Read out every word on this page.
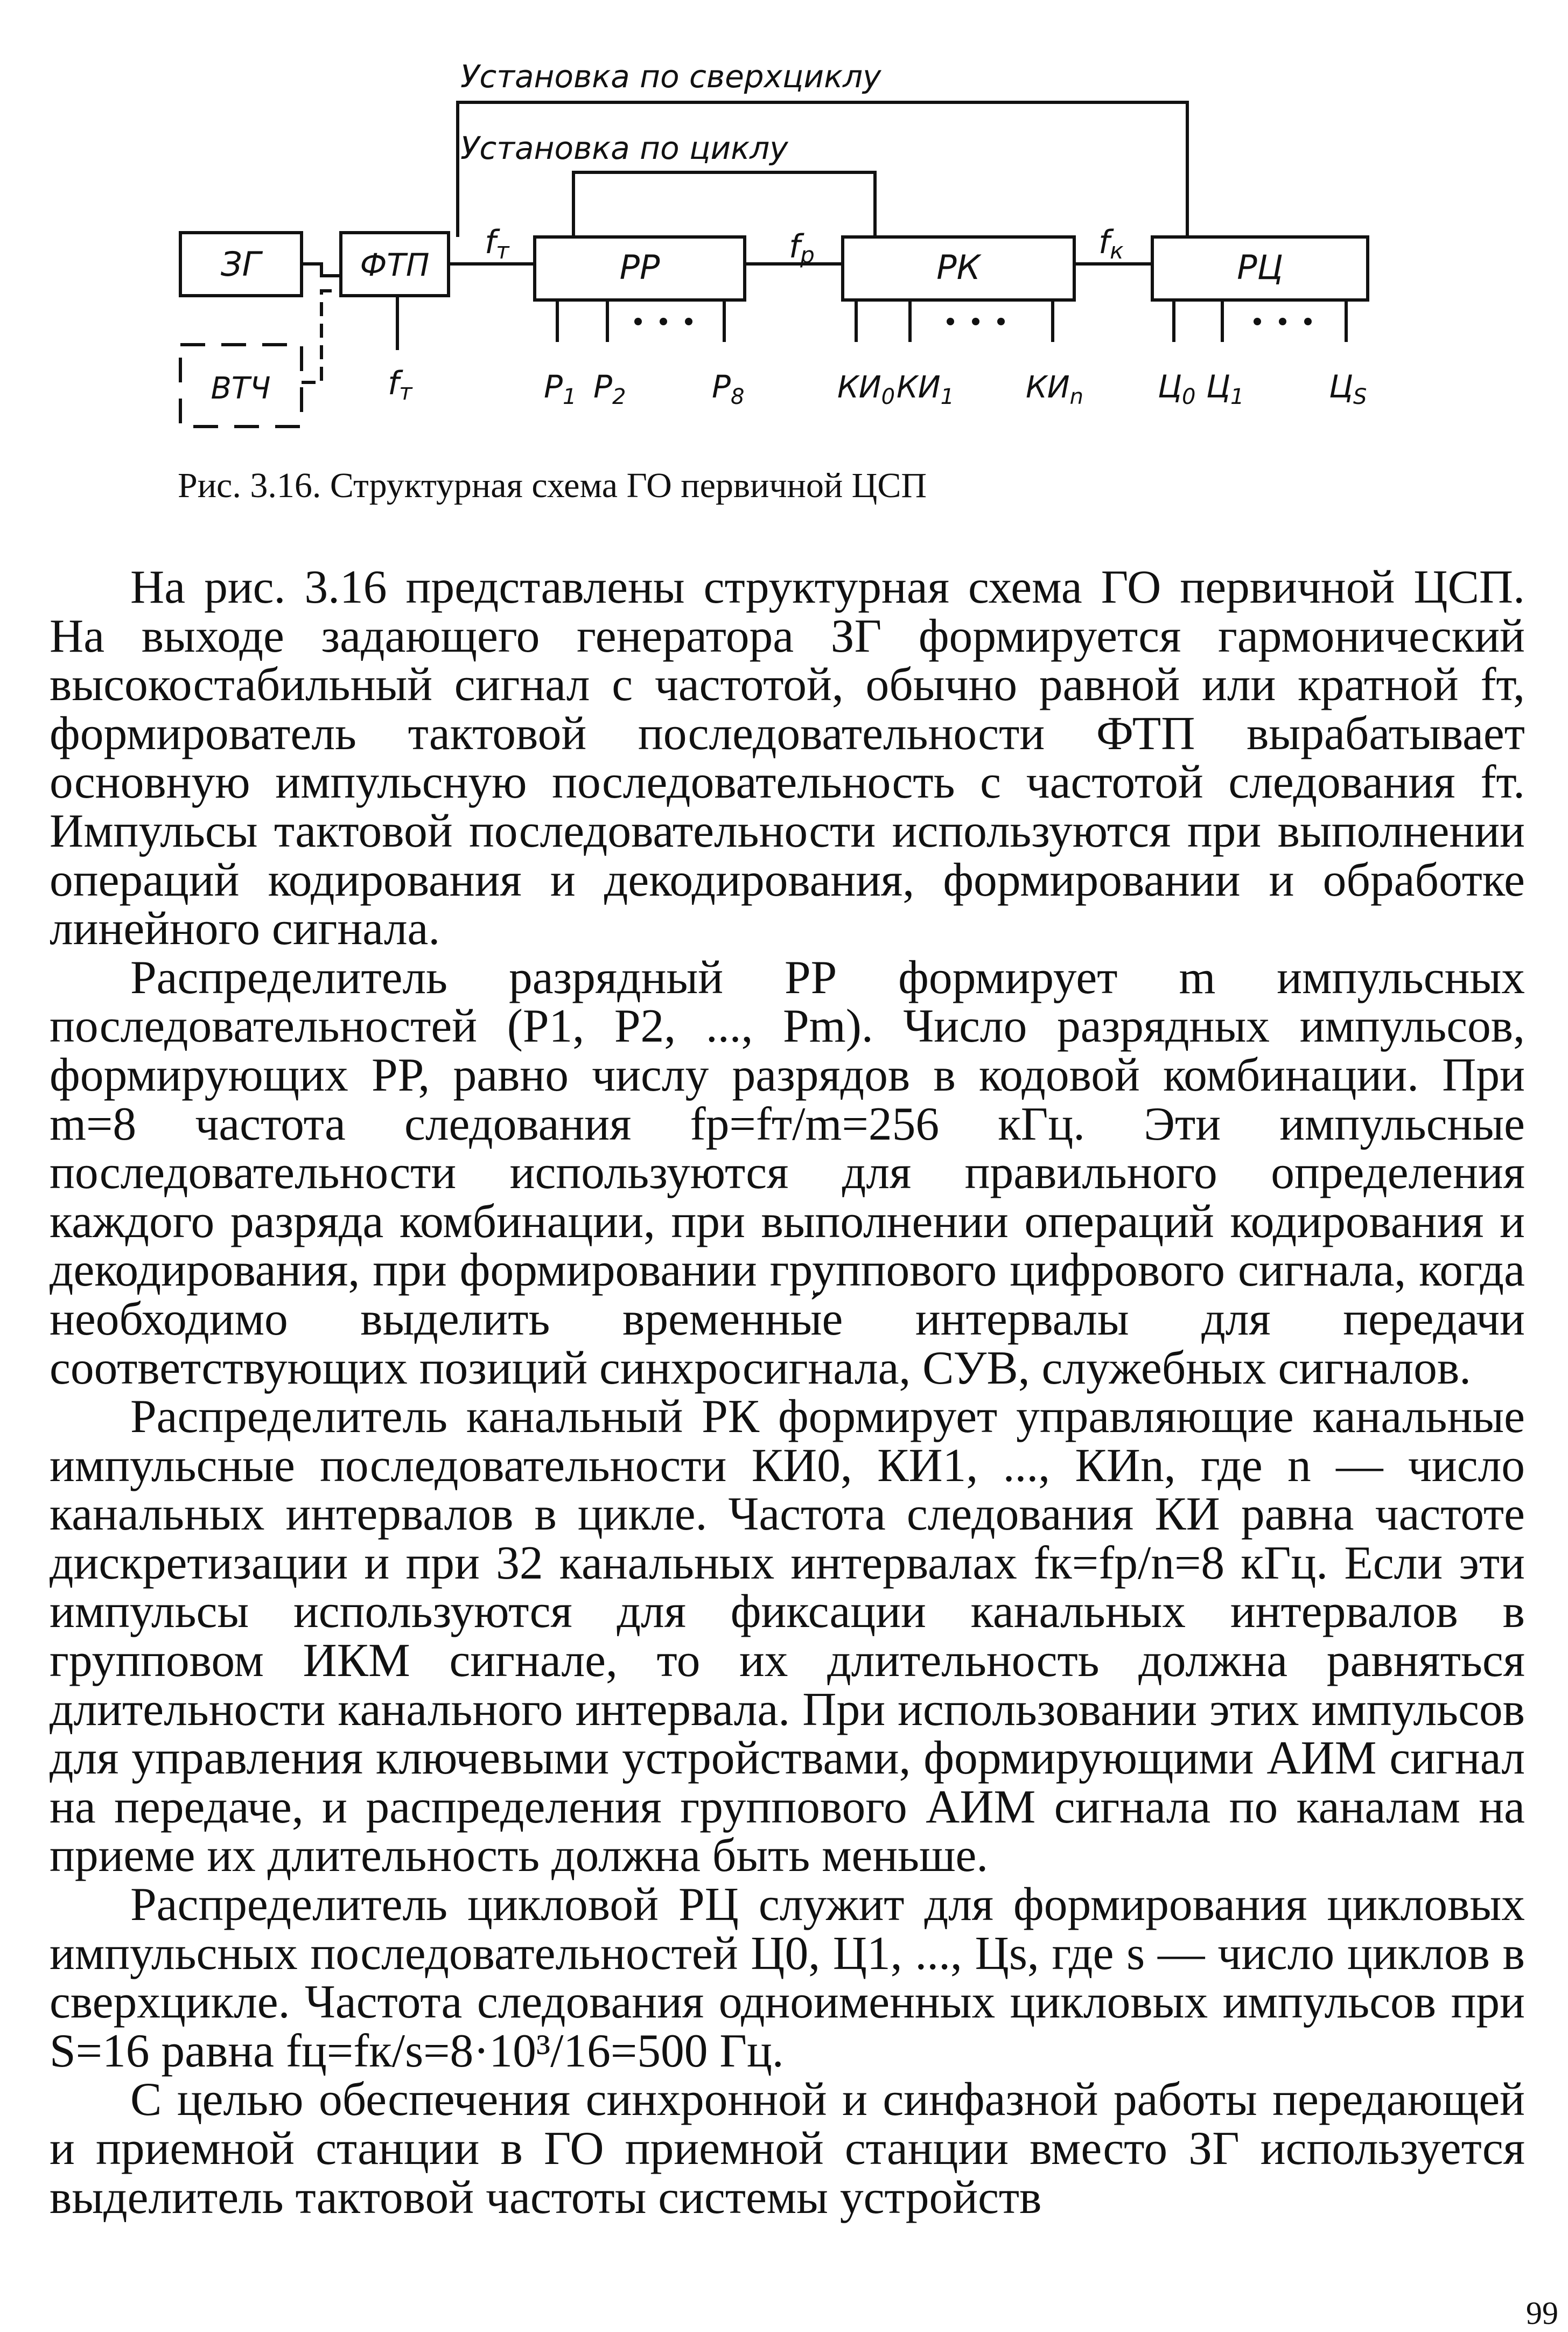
Установка по сверхциклу
Установка по циклу
ЗГ	ФТП	РР	РК	РЦ
ВТЧ
fт	fр	fк
fт	$Р_1$ $Р_2$	$Р_8$	$КИ_0$ $КИ_1$ $КИ_n$ $Ц_0$ $Ц_1$	$Ц_S$
Рис. 3.16. Структурная схема ГО первичной ЦСП

На рис. 3.16 представлены структурная схема ГО первичной ЦСП. На выходе задающего генератора ЗГ формируется гармонический высокостабильный сигнал с частотой, обычно равной или кратной fт, формирователь тактовой последовательности ФТП вырабатывает основную импульсную последовательность с частотой следования fт. Импульсы тактовой последовательности используются при выполнении операций кодирования и декодирования, формировании и обработке линейного сигнала.

Распределитель разрядный РР формирует m импульсных последовательностей (P1, P2, ..., Pm). Число разрядных импульсов, формирующих РР, равно числу разрядов в кодовой комбинации. При m=8 частота следования fр=fт/m=256 кГц. Эти импульсные последовательности используются для правильного определения каждого разряда комбинации, при выполнении операций кодирования и декодирования, при формировании группового цифрового сигнала, когда необходимо выделить временны́е интервалы для передачи соответствующих позиций синхросигнала, СУВ, служебных сигналов.

Распределитель канальный РК формирует управляющие канальные импульсные последовательности КИ0, КИ1, ..., КИn, где n — число канальных интервалов в цикле. Частота следования КИ равна частоте дискретизации и при 32 канальных интервалах fк=fр/n=8 кГц. Если эти импульсы используются для фиксации канальных интервалов в групповом ИКМ сигнале, то их длительность должна равняться длительности канального интервала. При использовании этих импульсов для управления ключевыми устройствами, формирующими АИМ сигнал на передаче, и распределения группового АИМ сигнала по каналам на приеме их длительность должна быть меньше.

Распределитель цикловой РЦ служит для формирования цикловых импульсных последовательностей Ц0, Ц1, ..., Цs, где s — число циклов в сверхцикле. Частота следования одноименных цикловых импульсов при S=16 равна fц=fк/s=8·10³/16=500 Гц.

С целью обеспечения синхронной и синфазной работы передающей и приемной станции в ГО приемной станции вместо ЗГ используется выделитель тактовой частоты системы устройств

99
